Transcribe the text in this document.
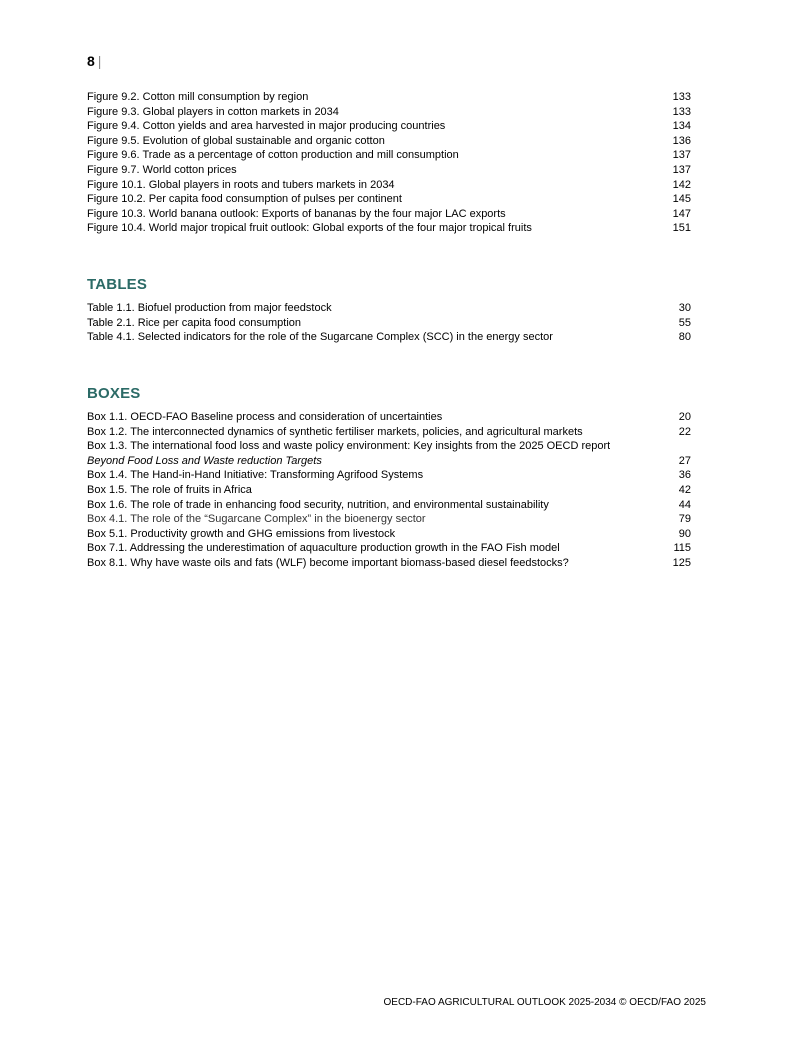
8 |
Figure 9.2. Cotton mill consumption by region	133
Figure 9.3. Global players in cotton markets in 2034	133
Figure 9.4. Cotton yields and area harvested in major producing countries	134
Figure 9.5. Evolution of global sustainable and organic cotton	136
Figure 9.6. Trade as a percentage of cotton production and mill consumption	137
Figure 9.7. World cotton prices	137
Figure 10.1. Global players in roots and tubers markets in 2034	142
Figure 10.2. Per capita food consumption of pulses per continent	145
Figure 10.3. World banana outlook: Exports of bananas by the four major LAC exports	147
Figure 10.4. World major tropical fruit outlook: Global exports of the four major tropical fruits	151
TABLES
Table 1.1. Biofuel production from major feedstock	30
Table 2.1. Rice per capita food consumption	55
Table 4.1. Selected indicators for the role of the Sugarcane Complex (SCC) in the energy sector	80
BOXES
Box 1.1. OECD-FAO Baseline process and consideration of uncertainties	20
Box 1.2. The interconnected dynamics of synthetic fertiliser markets, policies, and agricultural markets	22
Box 1.3. The international food loss and waste policy environment: Key insights from the 2025 OECD report
Beyond Food Loss and Waste reduction Targets	27
Box 1.4. The Hand-in-Hand Initiative: Transforming Agrifood Systems	36
Box 1.5. The role of fruits in Africa	42
Box 1.6. The role of trade in enhancing food security, nutrition, and environmental sustainability	44
Box 4.1. The role of the “Sugarcane Complex” in the bioenergy sector	79
Box 5.1. Productivity growth and GHG emissions from livestock	90
Box 7.1. Addressing the underestimation of aquaculture production growth in the FAO Fish model	115
Box 8.1. Why have waste oils and fats (WLF) become important biomass-based diesel feedstocks?	125
OECD-FAO AGRICULTURAL OUTLOOK 2025-2034 © OECD/FAO 2025
